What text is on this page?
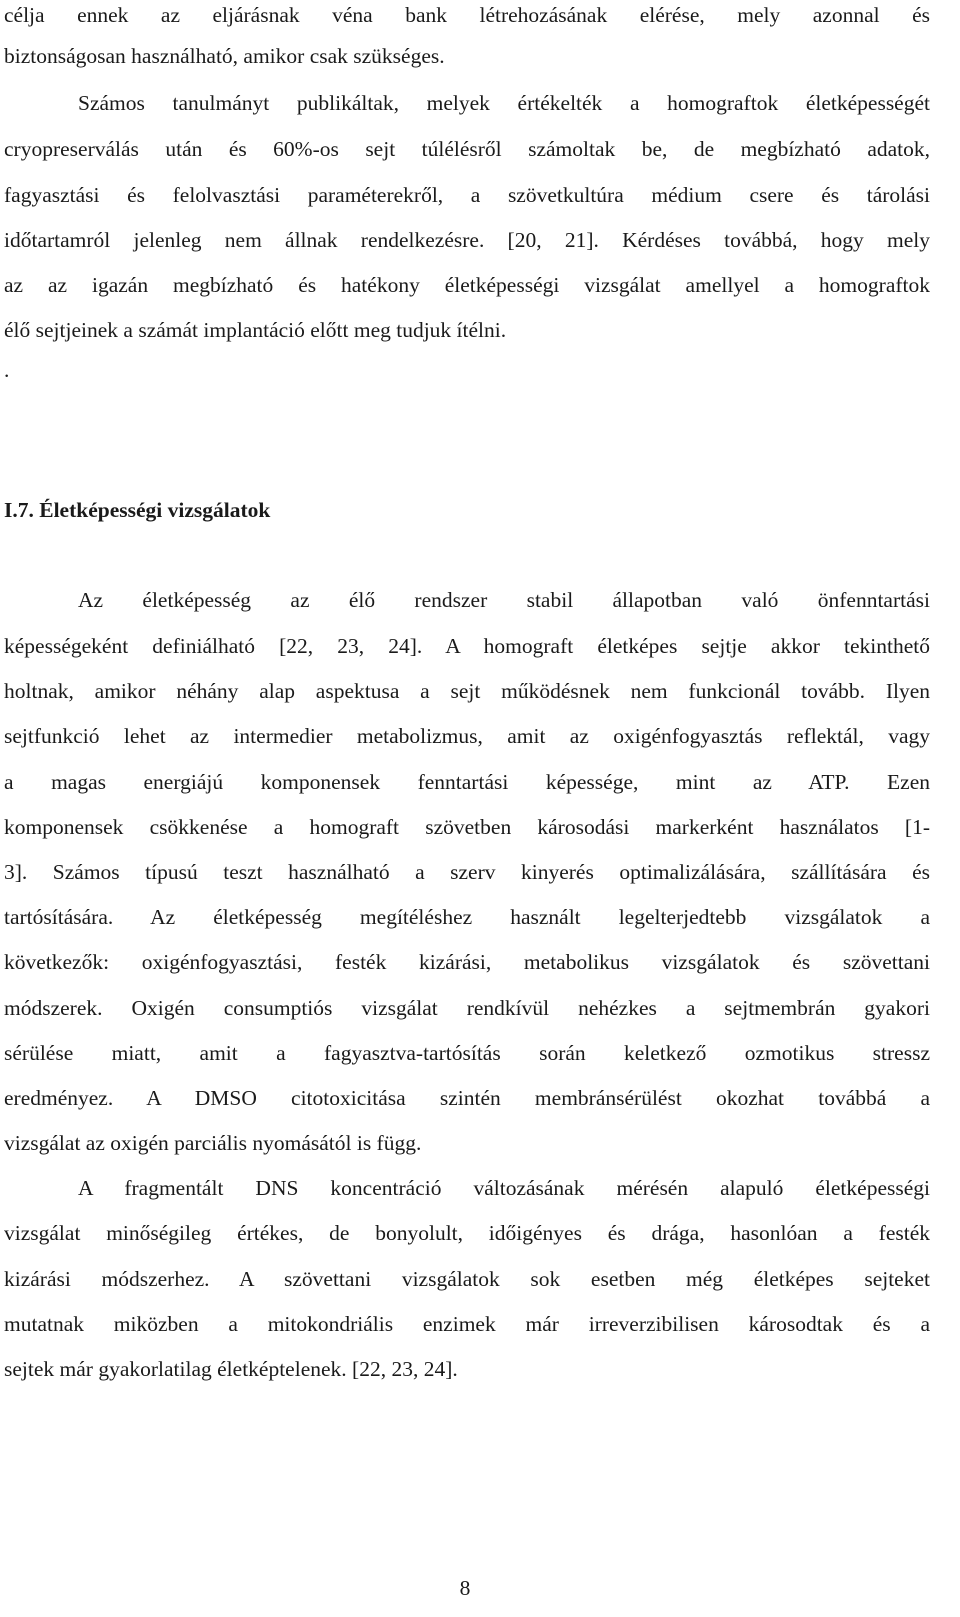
célja ennek az eljárásnak véna bank létrehozásának elérése, mely azonnal és
biztonságosan használható, amikor csak szükséges.
Számos tanulmányt publikáltak, melyek értékelték a homograftok életképességét
cryopreserválás után és 60%-os sejt túlélésről számoltak be, de megbízható adatok,
fagyasztási és felolvasztási paraméterekről, a szövetkultúra médium csere és tárolási
időtartamról jelenleg nem állnak rendelkezésre. [20, 21]. Kérdéses továbbá, hogy mely
az az igazán megbízható és hatékony életképességi vizsgálat amellyel a homograftok
élő sejtjeinek a számát implantáció előtt meg tudjuk ítélni.
.
I.7. Életképességi vizsgálatok
Az életképesség az élő rendszer stabil állapotban való önfenntartási
képességeként definiálható [22, 23, 24]. A homograft életképes sejtje akkor tekinthető
holtnak, amikor néhány alap aspektusa a sejt működésnek nem funkcionál tovább. Ilyen
sejtfunkció lehet az intermedier metabolizmus, amit az oxigénfogyasztás reflektál, vagy
a magas energiájú komponensek fenntartási képessége, mint az ATP. Ezen
komponensek csökkenése a homograft szövetben károsodási markerként használatos [1-
3]. Számos típusú teszt használható a szerv kinyerés optimalizálására, szállítására és
tartósítására. Az életképesség megítéléshez használt legelterjedtebb vizsgálatok a
következők: oxigénfogyasztási, festék kizárási, metabolikus vizsgálatok és szövettani
módszerek. Oxigén consumptiós vizsgálat rendkívül nehézkes a sejtmembrán gyakori
sérülése miatt, amit a fagyasztva-tartósítás során keletkező ozmotikus stressz
eredményez. A DMSO citotoxicitása szintén membránsérülést okozhat továbbá a
vizsgálat az oxigén parciális nyomásától is függ.
A fragmentált DNS koncentráció változásának mérésén alapuló életképességi
vizsgálat minőségileg értékes, de bonyolult, időigényes és drága, hasonlóan a festék
kizárási módszerhez. A szövettani vizsgálatok sok esetben még életképes sejteket
mutatnak miközben a mitokondriális enzimek már irreverzibilisen károsodtak és a
sejtek már gyakorlatilag életképtelenek. [22, 23, 24].
8
